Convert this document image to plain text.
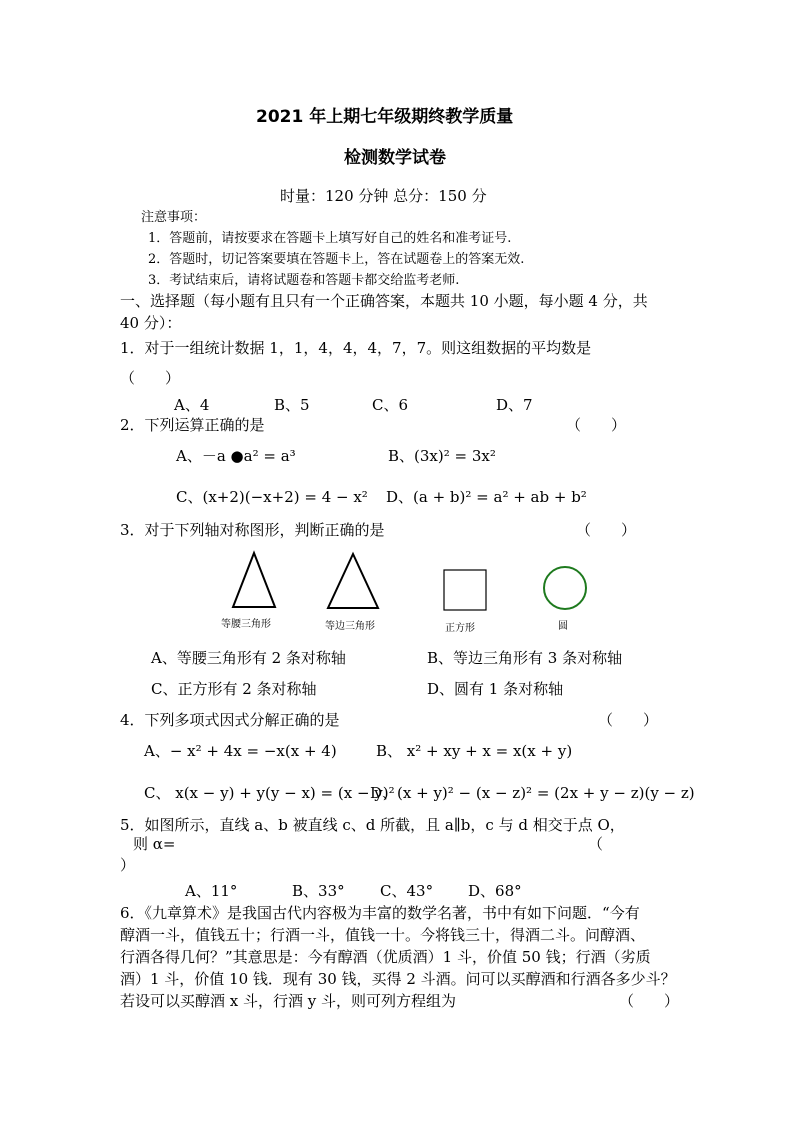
2021 年上期七年级期终教学质量
检测数学试卷
时量：120 分钟 总分：150 分
注意事项：
1．答题前，请按要求在答题卡上填写好自己的姓名和准考证号.
2．答题时，切记答案要填在答题卡上，答在试题卷上的答案无效.
3．考试结束后，请将试题卷和答题卡都交给监考老师.
一、选择题（每小题有且只有一个正确答案，本题共 10 小题，每小题 4 分，共
40 分）：
1．对于一组统计数据 1，1，4，4，4，7，7。则这组数据的平均数是
（　　）
A、4	B、5	C、6	D、7
2．下列运算正确的是	（　　）
A、－a ●a² = a³	B、(3x)² = 3x²
C、(x+2)(−x+2) = 4 − x² D、(a + b)² = a² + ab + b²
3．对于下列轴对称图形，判断正确的是	（　　）
等腰三角形	等边三角形	正方形	圆
A、等腰三角形有 2 条对称轴	B、等边三角形有 3 条对称轴
C、正方形有 2 条对称轴	D、圆有 1 条对称轴
4．下列多项式因式分解正确的是	（　　）
A、− x² + 4x = −x(x + 4)	B、 x² + xy + x = x(x + y)
C、 x(x − y) + y(y − x) = (x − y)²
D、(x + y)² − (x − z)² = (2x + y − z)(y − z)
5．如图所示，直线 a、b 被直线 c、d 所截，且 a∥b，c 与 d 相交于点 O，
则 α=	（
）
A、11°	B、33° C、43° D、68°
6．《九章算术》是我国古代内容极为丰富的数学名著，书中有如下问题．“今有
醇酒一斗，值钱五十；行酒一斗，值钱一十。今将钱三十，得酒二斗。问醇酒、
行酒各得几何？”其意思是：今有醇酒（优质酒）1 斗，价值 50 钱；行酒（劣质
酒）1 斗，价值 10 钱．现有 30 钱，买得 2 斗酒。问可以买醇酒和行酒各多少斗？
若设可以买醇酒 x 斗，行酒 y 斗，则可列方程组为	（　　）
